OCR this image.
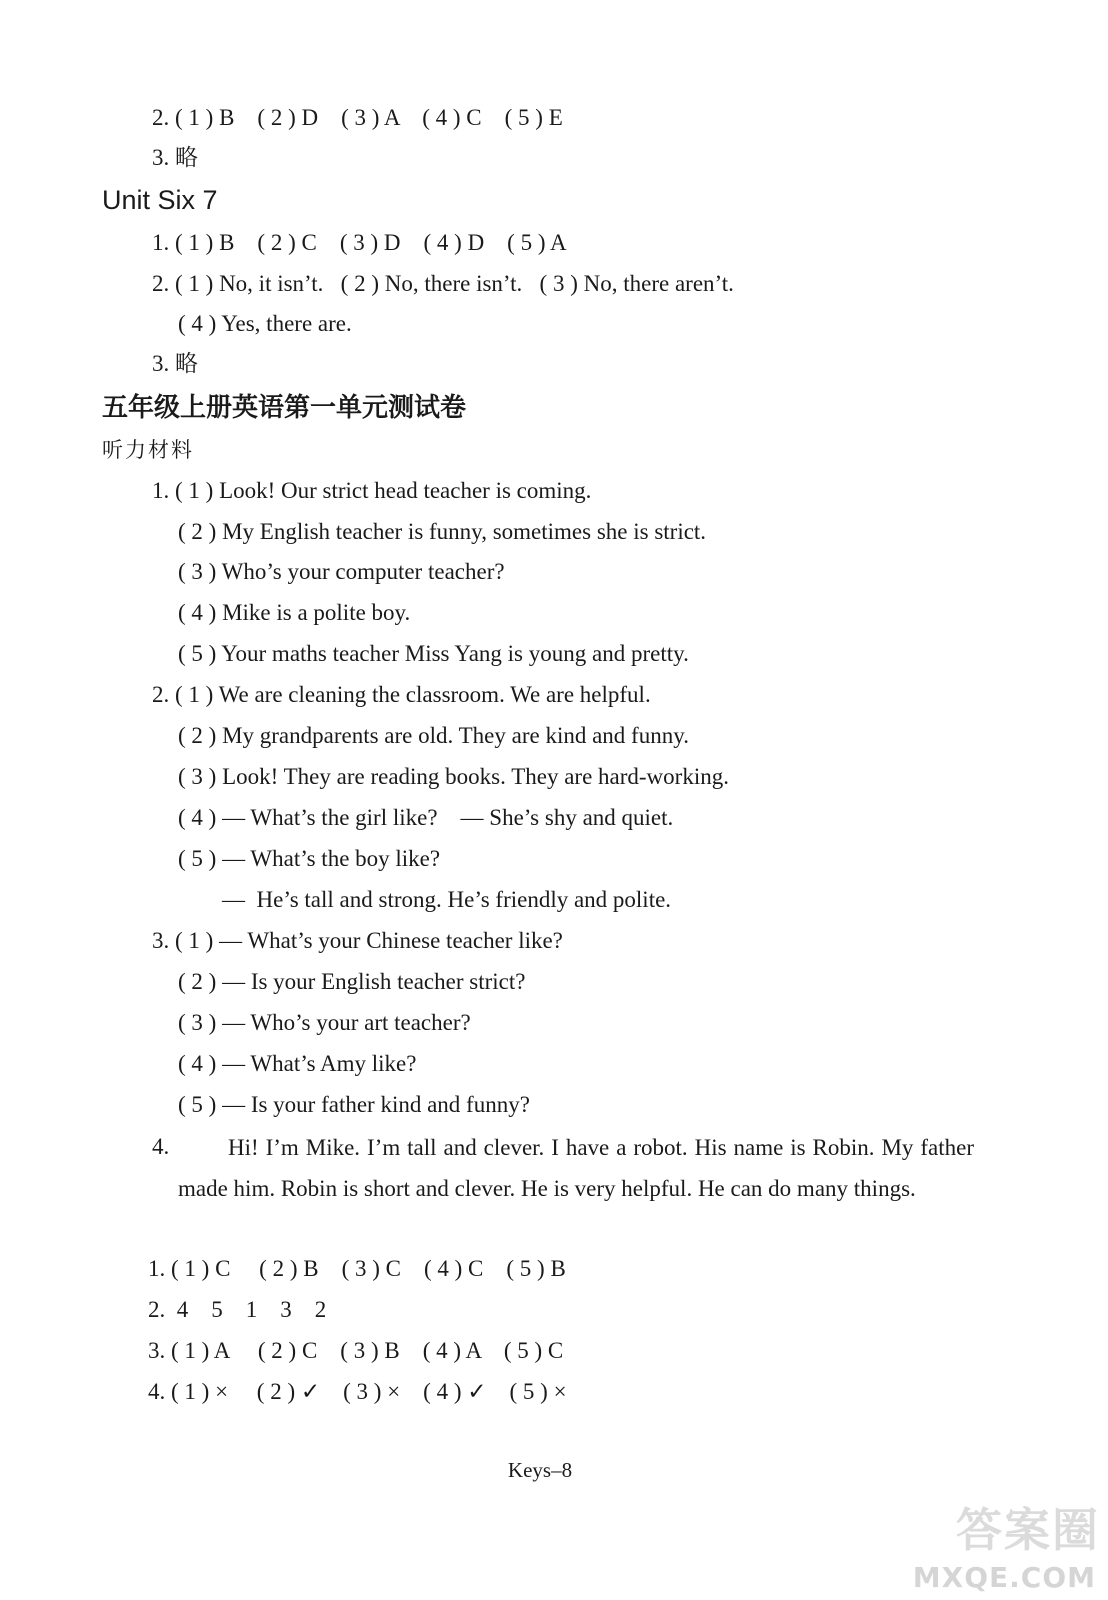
2. ( 1 ) B    ( 2 ) D    ( 3 ) A    ( 4 ) C    ( 5 ) E
3. 略
Unit Six 7
1. ( 1 ) B    ( 2 ) C    ( 3 ) D    ( 4 ) D    ( 5 ) A
2. ( 1 ) No, it isn’t.   ( 2 ) No, there isn’t.   ( 3 ) No, there aren’t.
( 4 ) Yes, there are.
3. 略
五年级上册英语第一单元测试卷
听力材料
1. ( 1 ) Look! Our strict head teacher is coming.
( 2 ) My English teacher is funny, sometimes she is strict.
( 3 ) Who’s your computer teacher?
( 4 ) Mike is a polite boy.
( 5 ) Your maths teacher Miss Yang is young and pretty.
2. ( 1 ) We are cleaning the classroom. We are helpful.
( 2 ) My grandparents are old. They are kind and funny.
( 3 ) Look! They are reading books. They are hard-working.
( 4 ) — What’s the girl like?    — She’s shy and quiet.
( 5 ) — What’s the boy like?
—  He’s tall and strong. He’s friendly and polite.
3. ( 1 ) — What’s your Chinese teacher like?
( 2 ) — Is your English teacher strict?
( 3 ) — Who’s your art teacher?
( 4 ) — What’s Amy like?
( 5 ) — Is your father kind and funny?
4.	Hi! I’m Mike. I’m tall and clever. I have a robot. His name is Robin. My father made him. Robin is short and clever. He is very helpful. He can do many things.
1. ( 1 ) C     ( 2 ) B    ( 3 ) C    ( 4 ) C    ( 5 ) B
2.  4    5    1    3    2
3. ( 1 ) A     ( 2 ) C    ( 3 ) B    ( 4 ) A    ( 5 ) C
4. ( 1 ) ×     ( 2 ) ✓    ( 3 ) ×    ( 4 ) ✓    ( 5 ) ×
Keys–8
答案圈
MXQE.COM
